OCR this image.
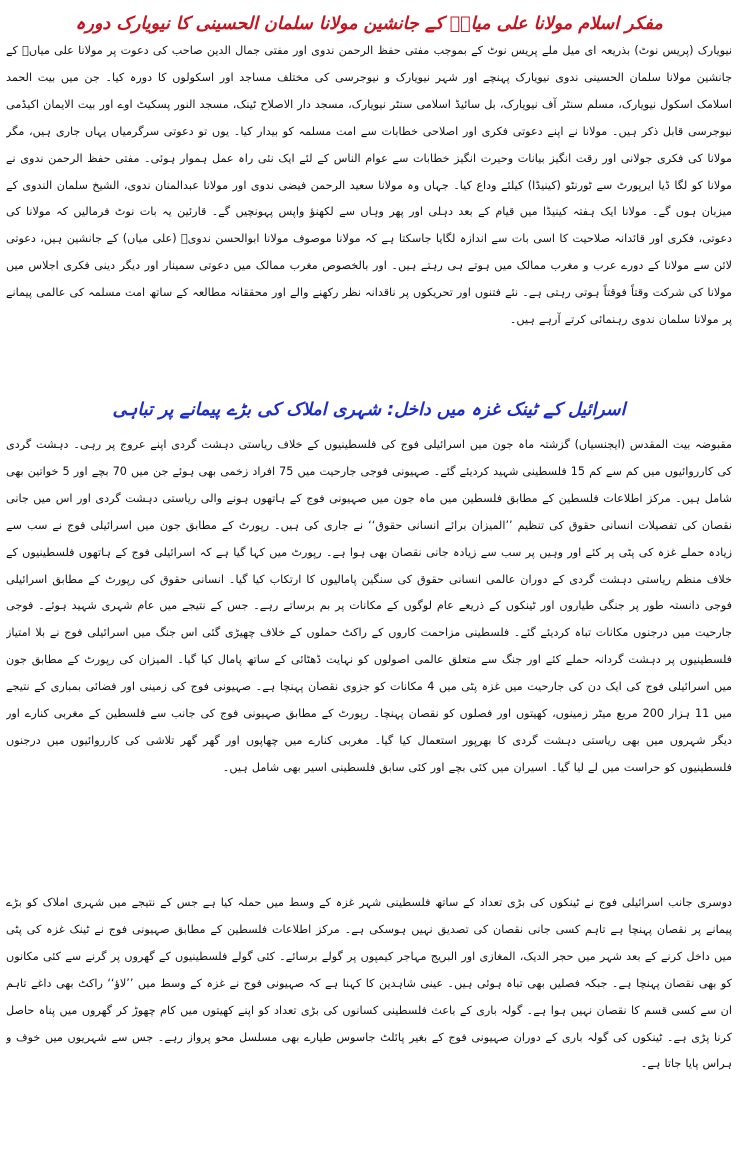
مفکر اسلام مولانا علی میاںؒ کے جانشین مولانا سلمان الحسینی کا نیویارک دورہ

نیویارک (پریس نوٹ) بذریعہ ای میل ملے پریس نوٹ کے بموجب مفتی حفظ الرحمن ندوی اور مفتی جمال الدین صاحب کی دعوت پر مولانا علی میاںؒ کے جانشین مولانا سلمان الحسینی ندوی نیویارک پہنچے اور شہر نیویارک و نیوجرسی کی مختلف مساجد اور اسکولوں کا دورہ کیا۔ جن میں بیت الحمد اسلامک اسکول نیویارک، مسلم سنٹر آف نیویارک، بل سائیڈ اسلامی سنٹر نیویارک، مسجد دار الاصلاح ٹینک، مسجد النور پسکیٹ اوے اور بیت الایمان اکیڈمی نیوجرسی قابل ذکر ہیں۔ مولانا نے اپنے دعوتی فکری اور اصلاحی خطابات سے امت مسلمہ کو بیدار کیا۔ یوں تو دعوتی سرگرمیاں یہاں جاری ہیں، مگر مولانا کی فکری جولانی اور رقت انگیز بیانات وحیرت انگیز خطابات سے عوام الناس کے لئے ایک نئی راہ عمل ہموار ہوئی۔ مفتی حفظ الرحمن ندوی نے مولانا کو لگا ڈیا ایرپورٹ سے ٹورنٹو (کینیڈا) کیلئے وداع کیا۔ جہاں وہ مولانا سعید الرحمن فیضی ندوی اور مولانا عبدالمنان ندوی، الشیخ سلمان الندوی کے میزبان ہوں گے۔ مولانا ایک ہفتہ کینیڈا میں قیام کے بعد دہلی اور پھر وہاں سے لکھنؤ واپس پہونچیں گے۔ قارئین یہ بات نوٹ فرمالیں کہ مولانا کی دعوتی، فکری اور قائدانہ صلاحیت کا اسی بات سے اندازہ لگایا جاسکتا ہے کہ مولانا موصوف مولانا ابوالحسن ندویؒ (علی میاں) کے جانشین ہیں، دعوتی لائن سے مولانا کے دورے عرب و مغرب ممالک میں ہوتے ہی رہتے ہیں۔ اور بالخصوص مغرب ممالک میں دعوتی سمینار اور دیگر دینی فکری اجلاس میں مولانا کی شرکت وقتاً فوقتاً ہوتی رہتی ہے۔ نئے فتنوں اور تحریکوں پر ناقدانہ نظر رکھنے والے اور محققانہ مطالعہ کے ساتھ امت مسلمہ کی عالمی پیمانے پر مولانا سلمان ندوی رہنمائی کرتے آرہے ہیں۔

اسرائیل کے ٹینک غزہ میں داخل: شہری املاک کی بڑے پیمانے پر تباہی

مقبوضہ بیت المقدس (ایجنسیاں) گزشتہ ماہ جون میں اسرائیلی فوج کی فلسطینیوں کے خلاف ریاستی دہشت گردی اپنے عروج پر رہی۔ دہشت گردی کی کارروائیوں میں کم سے کم 15 فلسطینی شہید کردیئے گئے۔ صہیونی فوجی جارحیت میں 75 افراد زخمی بھی ہوئے جن میں 70 بچے اور 5 خواتین بھی شامل ہیں۔ مرکز اطلاعات فلسطین کے مطابق فلسطین میں ماہ جون میں صہیونی فوج کے ہاتھوں ہونے والی ریاستی دہشت گردی اور اس میں جانی نقصان کی تفصیلات انسانی حقوق کی تنظیم ’’المیزان برائے انسانی حقوق‘‘ نے جاری کی ہیں۔ رپورٹ کے مطابق جون میں اسرائیلی فوج نے سب سے زیادہ حملے غزہ کی پٹی پر کئے اور وہیں پر سب سے زیادہ جانی نقصان بھی ہوا ہے۔ رپورٹ میں کہا گیا ہے کہ اسرائیلی فوج کے ہاتھوں فلسطینیوں کے خلاف منظم ریاستی دہشت گردی کے دوران عالمی انسانی حقوق کی سنگین پامالیوں کا ارتکاب کیا گیا۔ انسانی حقوق کی رپورٹ کے مطابق اسرائیلی فوجی دانستہ طور پر جنگی طیاروں اور ٹینکوں کے ذریعے عام لوگوں کے مکانات پر بم برساتے رہے۔ جس کے نتیجے میں عام شہری شہید ہوئے۔ فوجی جارحیت میں درجنوں مکانات تباہ کردیئے گئے۔ فلسطینی مزاحمت کاروں کے راکٹ حملوں کے خلاف چھیڑی گئی اس جنگ میں اسرائیلی فوج نے بلا امتیاز فلسطینیوں پر دہشت گردانہ حملے کئے اور جنگ سے متعلق عالمی اصولوں کو نہایت ڈھٹائی کے ساتھ پامال کیا گیا۔ المیزان کی رپورٹ کے مطابق جون میں اسرائیلی فوج کی ایک دن کی جارحیت میں غزہ پٹی میں 4 مکانات کو جزوی نقصان پہنچا ہے۔ صہیونی فوج کی زمینی اور فضائی بمباری کے نتیجے میں 11 ہزار 200 مربع میٹر زمینوں، کھیتوں اور فصلوں کو نقصان پہنچا۔ رپورٹ کے مطابق صہیونی فوج کی جانب سے فلسطین کے مغربی کنارے اور دیگر شہروں میں بھی ریاستی دہشت گردی کا بھرپور استعمال کیا گیا۔ مغربی کنارے میں چھاپوں اور گھر گھر تلاشی کی کارروائیوں میں درجنوں فلسطینیوں کو حراست میں لے لیا گیا۔ اسیران میں کئی بچے اور کئی سابق فلسطینی اسیر بھی شامل ہیں۔

دوسری جانب اسرائیلی فوج نے ٹینکوں کی بڑی تعداد کے ساتھ فلسطینی شہر غزہ کے وسط میں حملہ کیا ہے جس کے نتیجے میں شہری املاک کو بڑے پیمانے پر نقصان پہنچا ہے تاہم کسی جانی نقصان کی تصدیق نہیں ہوسکی ہے۔ مرکز اطلاعات فلسطین کے مطابق صہیونی فوج نے ٹینک غزہ کی پٹی میں داخل کرنے کے بعد شہر میں حجر الدیک، المغازی اور البریج مہاجر کیمپوں پر گولے برسائے۔ کئی گولے فلسطینیوں کے گھروں پر گرنے سے کئی مکانوں کو بھی نقصان پہنچا ہے۔ جبکہ فصلیں بھی تباہ ہوئی ہیں۔ عینی شاہدین کا کہنا ہے کہ صہیونی فوج نے غزہ کے وسط میں ’’لاؤ‘‘ راکٹ بھی داغے تاہم ان سے کسی قسم کا نقصان نہیں ہوا ہے۔ گولہ باری کے باعث فلسطینی کسانوں کی بڑی تعداد کو اپنے کھیتوں میں کام چھوڑ کر گھروں میں پناہ حاصل کرنا پڑی ہے۔ ٹینکوں کی گولہ باری کے دوران صہیونی فوج کے بغیر پائلٹ جاسوس طیارے بھی مسلسل محو پرواز رہے۔ جس سے شہریوں میں خوف و ہراس پایا جاتا ہے۔
